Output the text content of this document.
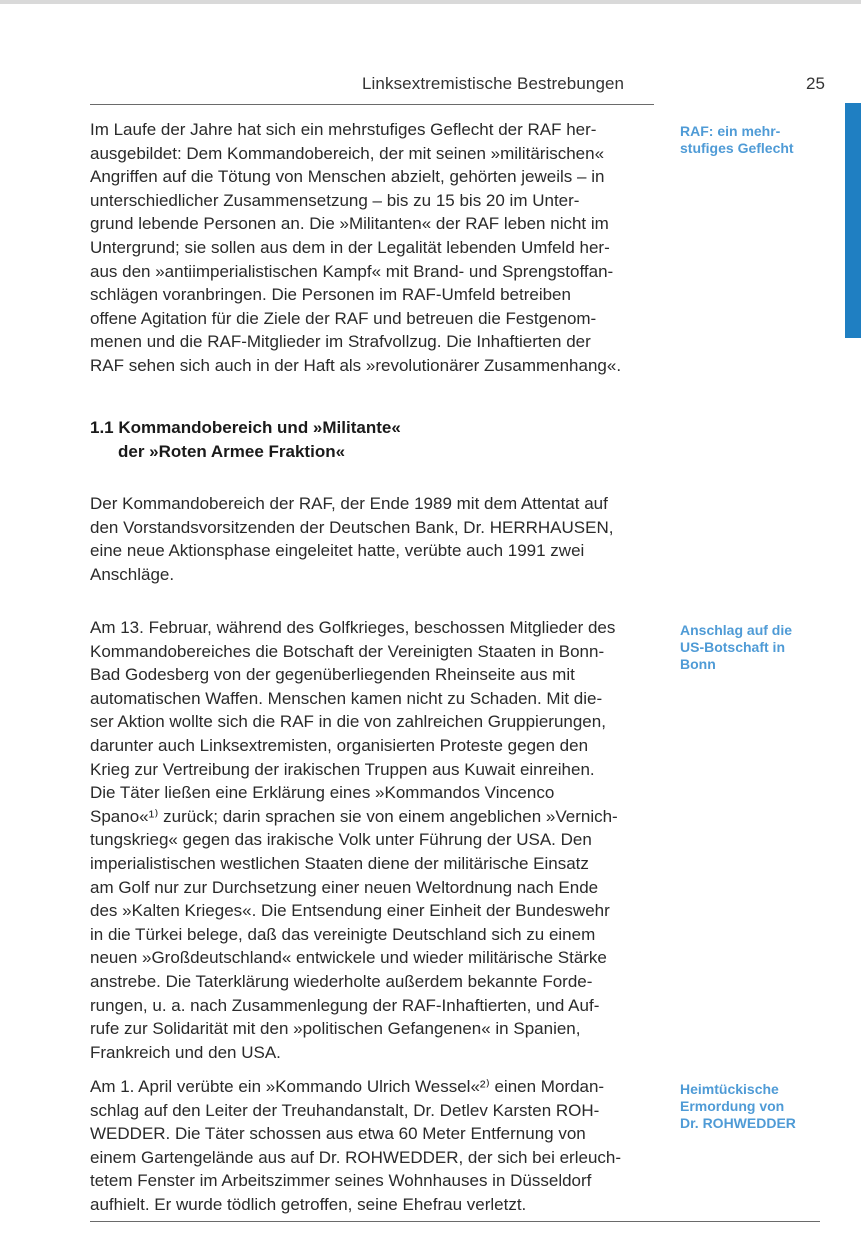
Linksextremistische Bestrebungen	25

Im Laufe der Jahre hat sich ein mehrstufiges Geflecht der RAF her-
ausgebildet: Dem Kommandobereich, der mit seinen »militärischen«
Angriffen auf die Tötung von Menschen abzielt, gehörten jeweils – in
unterschiedlicher Zusammensetzung – bis zu 15 bis 20 im Unter-
grund lebende Personen an. Die »Militanten« der RAF leben nicht im
Untergrund; sie sollen aus dem in der Legalität lebenden Umfeld her-
aus den »antiimperialistischen Kampf« mit Brand- und Sprengstoffan-
schlägen voranbringen. Die Personen im RAF-Umfeld betreiben
offene Agitation für die Ziele der RAF und betreuen die Festgenom-
menen und die RAF-Mitglieder im Strafvollzug. Die Inhaftierten der
RAF sehen sich auch in der Haft als »revolutionärer Zusammenhang«.

RAF: ein mehr-
stufiges Geflecht

1.1 Kommandobereich und »Militante«
der »Roten Armee Fraktion«

Der Kommandobereich der RAF, der Ende 1989 mit dem Attentat auf
den Vorstandsvorsitzenden der Deutschen Bank, Dr. HERRHAUSEN,
eine neue Aktionsphase eingeleitet hatte, verübte auch 1991 zwei
Anschläge.

Am 13. Februar, während des Golfkrieges, beschossen Mitglieder des
Kommandobereiches die Botschaft der Vereinigten Staaten in Bonn-
Bad Godesberg von der gegenüberliegenden Rheinseite aus mit
automatischen Waffen. Menschen kamen nicht zu Schaden. Mit die-
ser Aktion wollte sich die RAF in die von zahlreichen Gruppierungen,
darunter auch Linksextremisten, organisierten Proteste gegen den
Krieg zur Vertreibung der irakischen Truppen aus Kuwait einreihen.
Die Täter ließen eine Erklärung eines »Kommandos Vincenco
Spano«¹⁾ zurück; darin sprachen sie von einem angeblichen »Vernich-
tungskrieg« gegen das irakische Volk unter Führung der USA. Den
imperialistischen westlichen Staaten diene der militärische Einsatz
am Golf nur zur Durchsetzung einer neuen Weltordnung nach Ende
des »Kalten Krieges«. Die Entsendung einer Einheit der Bundeswehr
in die Türkei belege, daß das vereinigte Deutschland sich zu einem
neuen »Großdeutschland« entwickele und wieder militärische Stärke
anstrebe. Die Taterklärung wiederholte außerdem bekannte Forde-
rungen, u. a. nach Zusammenlegung der RAF-Inhaftierten, und Auf-
rufe zur Solidarität mit den »politischen Gefangenen« in Spanien,
Frankreich und den USA.

Anschlag auf die
US-Botschaft in
Bonn

Am 1. April verübte ein »Kommando Ulrich Wessel«²⁾ einen Mordan-
schlag auf den Leiter der Treuhandanstalt, Dr. Detlev Karsten ROH-
WEDDER. Die Täter schossen aus etwa 60 Meter Entfernung von
einem Gartengelände aus auf Dr. ROHWEDDER, der sich bei erleuch-
tetem Fenster im Arbeitszimmer seines Wohnhauses in Düsseldorf
aufhielt. Er wurde tödlich getroffen, seine Ehefrau verletzt.

Heimtückische
Ermordung von
Dr. ROHWEDDER
